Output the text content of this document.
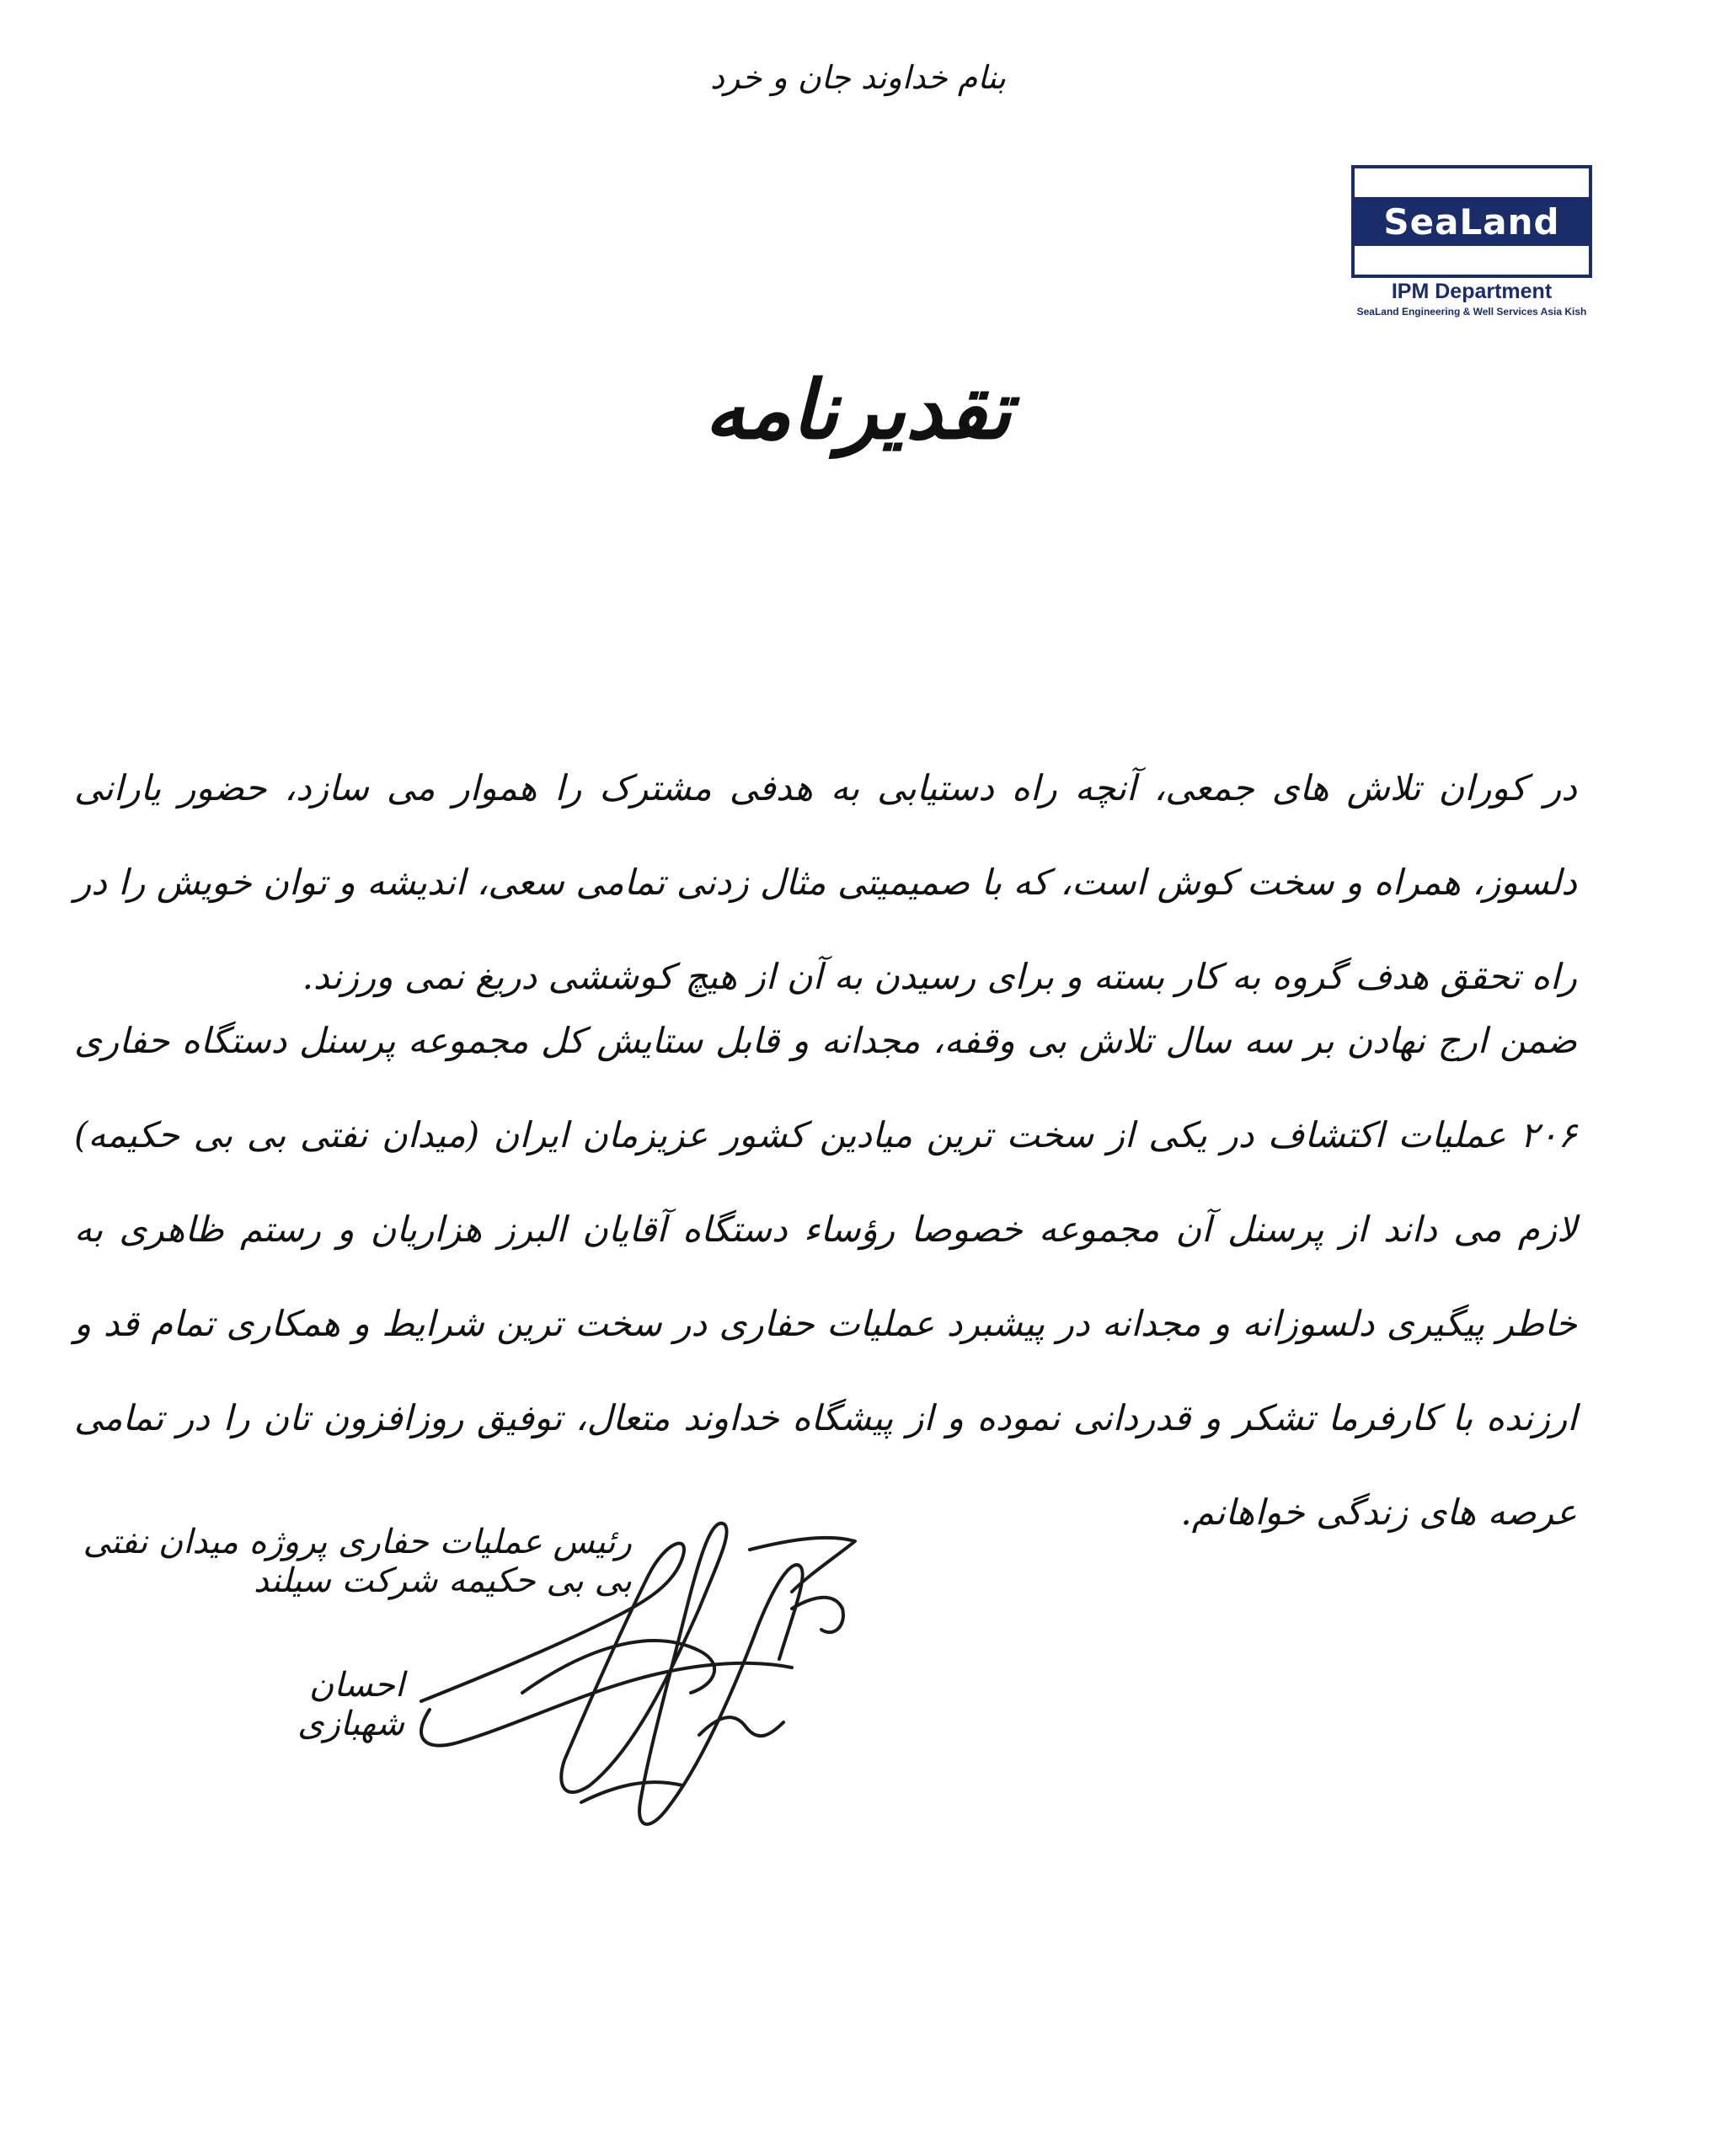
بنام خداوند جان و خرد
SeaLand
IPM Department
SeaLand Engineering & Well Services Asia Kish
تقدیرنامه
در کوران تلاش های جمعی، آنچه راه دستیابی به هدفی مشترک را هموار می سازد، حضور یارانی دلسوز، همراه و سخت کوش است، که با صمیمیتی مثال زدنی تمامی سعی، اندیشه و توان خویش را در راه تحقق هدف گروه به کار بسته و برای رسیدن به آن از هیچ کوششی دریغ نمی ورزند.
ضمن ارج نهادن بر سه سال تلاش بی وقفه، مجدانه و قابل ستایش کل مجموعه پرسنل دستگاه حفاری ۲۰۶ عملیات اکتشاف در یکی از سخت ترین میادین کشور عزیزمان ایران (میدان نفتی بی بی حکیمه) لازم می داند از پرسنل آن مجموعه خصوصا رؤساء دستگاه آقایان البرز هزاریان و رستم ظاهری به خاطر پیگیری دلسوزانه و مجدانه در پیشبرد عملیات حفاری در سخت ترین شرایط و همکاری تمام قد و ارزنده با کارفرما تشکر و قدردانی نموده و از پیشگاه خداوند متعال، توفیق روزافزون تان را در تمامی عرصه های زندگی خواهانم.
رئیس عملیات حفاری پروژه میدان نفتی بی بی حکیمه شرکت سیلند
احسان شهبازی
